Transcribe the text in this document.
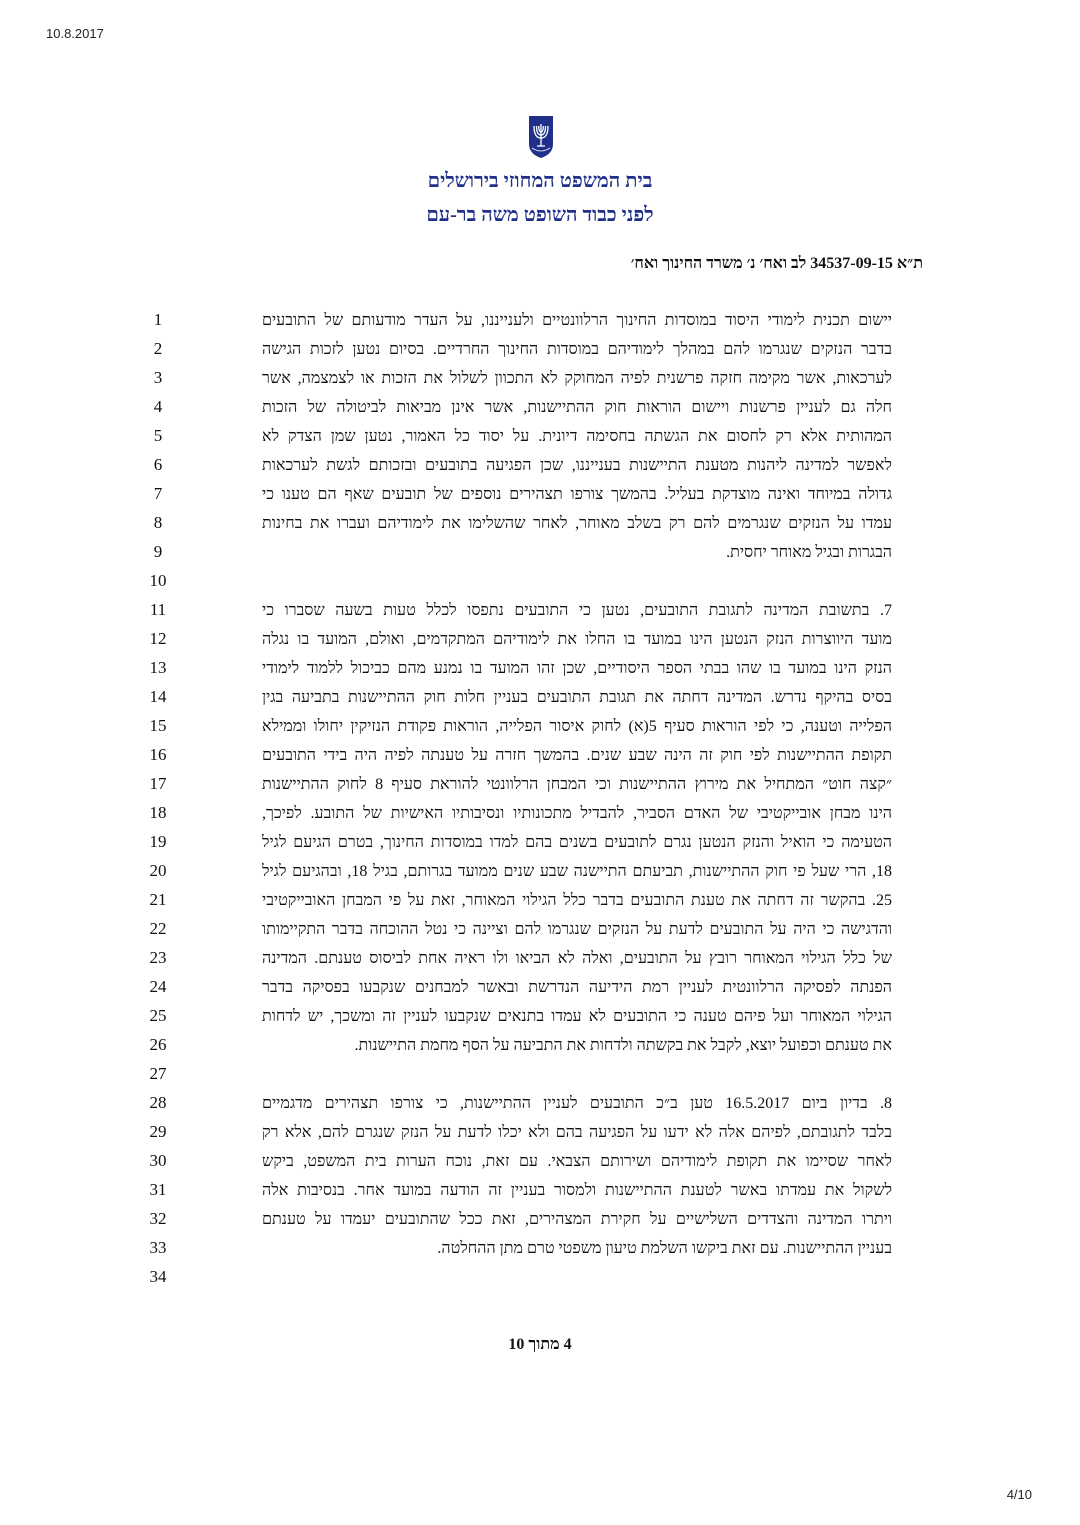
10.8.2017
בית המשפט המחוזי בירושלים
לפני כבוד השופט משה בר-עם
ת״א 34537-09-15 לב ואח׳ נ׳ משרד החינוך ואח׳
1
2
3
4
5
6
7
8
9
10
11
12
13
14
15
16
17
18
19
20
21
22
23
24
25
26
27
28
29
30
31
32
33
34
יישום תכנית לימודי היסוד במוסדות החינוך הרלוונטיים ולענייננו, על העדר מודעותם של התובעים
בדבר הנזקים שנגרמו להם במהלך לימודיהם במוסדות החינוך החרדיים. בסיום נטען לזכות הגישה
לערכאות, אשר מקימה חזקה פרשנית לפיה המחוקק לא התכוון לשלול את הזכות או לצמצמה, אשר
חלה גם לעניין פרשנות ויישום הוראות חוק ההתיישנות, אשר אינן מביאות לביטולה של הזכות
המהותית אלא רק לחסום את הגשתה בחסימה דיונית. על יסוד כל האמור, נטען שמן הצדק לא
לאפשר למדינה ליהנות מטענת התיישנות בענייננו, שכן הפגיעה בתובעים ובזכותם לגשת לערכאות
גדולה במיוחד ואינה מוצדקת בעליל. בהמשך צורפו תצהירים נוספים של תובעים שאף הם טענו כי
עמדו על הנזקים שנגרמים להם רק בשלב מאוחר, לאחר שהשלימו את לימודיהם ועברו את בחינות
הבגרות ובגיל מאוחר יחסית.
7. בתשובת המדינה לתגובת התובעים, נטען כי התובעים נתפסו לכלל טעות בשעה שסברו כי
מועד היווצרות הנזק הנטען הינו במועד בו החלו את לימודיהם המתקדמים, ואולם, המועד בו נגלה
הנזק הינו במועד בו שהו בבתי הספר היסודיים, שכן זהו המועד בו נמנע מהם כביכול ללמוד לימודי
בסיס בהיקף נדרש. המדינה דחתה את תגובת התובעים בעניין חלות חוק ההתיישנות בתביעה בגין
הפלייה וטענה, כי לפי הוראות סעיף 5(א) לחוק איסור הפלייה, הוראות פקודת הנזיקין יחולו וממילא
תקופת ההתיישנות לפי חוק זה הינה שבע שנים. בהמשך חזרה על טענתה לפיה היה בידי התובעים
״קצה חוט״ המתחיל את מירוץ ההתיישנות וכי המבחן הרלוונטי להוראת סעיף 8 לחוק ההתיישנות
הינו מבחן אובייקטיבי של האדם הסביר, להבדיל מתכונותיו ונסיבותיו האישיות של התובע. לפיכך,
הטעימה כי הואיל והנזק הנטען נגרם לתובעים בשנים בהם למדו במוסדות החינוך, בטרם הגיעם לגיל
18, הרי שעל פי חוק ההתיישנות, תביעתם התיישנה שבע שנים ממועד בגרותם, בגיל 18, ובהגיעם לגיל
25. בהקשר זה דחתה את טענת התובעים בדבר כלל הגילוי המאוחר, זאת על פי המבחן האובייקטיבי
והדגישה כי היה על התובעים לדעת על הנזקים שנגרמו להם וציינה כי נטל ההוכחה בדבר התקיימותו
של כלל הגילוי המאוחר רובץ על התובעים, ואלה לא הביאו ולו ראיה אחת לביסוס טענתם. המדינה
הפנתה לפסיקה הרלוונטית לעניין רמת הידיעה הנדרשת ובאשר למבחנים שנקבעו בפסיקה בדבר
הגילוי המאוחר ועל פיהם טענה כי התובעים לא עמדו בתנאים שנקבעו לעניין זה ומשכך, יש לדחות
את טענתם וכפועל יוצא, לקבל את בקשתה ולדחות את התביעה על הסף מחמת התיישנות.
8. בדיון ביום 16.5.2017 טען ב״כ התובעים לעניין ההתיישנות, כי צורפו תצהירים מדגמיים
בלבד לתגובתם, לפיהם אלה לא ידעו על הפגיעה בהם ולא יכלו לדעת על הנזק שנגרם להם, אלא רק
לאחר שסיימו את תקופת לימודיהם ושירותם הצבאי. עם זאת, נוכח הערות בית המשפט, ביקש
לשקול את עמדתו באשר לטענת ההתיישנות ולמסור בעניין זה הודעה במועד אחר. בנסיבות אלה
ויתרו המדינה והצדדים השלישיים על חקירת המצהירים, זאת ככל שהתובעים יעמדו על טענתם
בעניין ההתיישנות. עם זאת ביקשו השלמת טיעון משפטי טרם מתן ההחלטה.
4 מתוך 10
4/10
